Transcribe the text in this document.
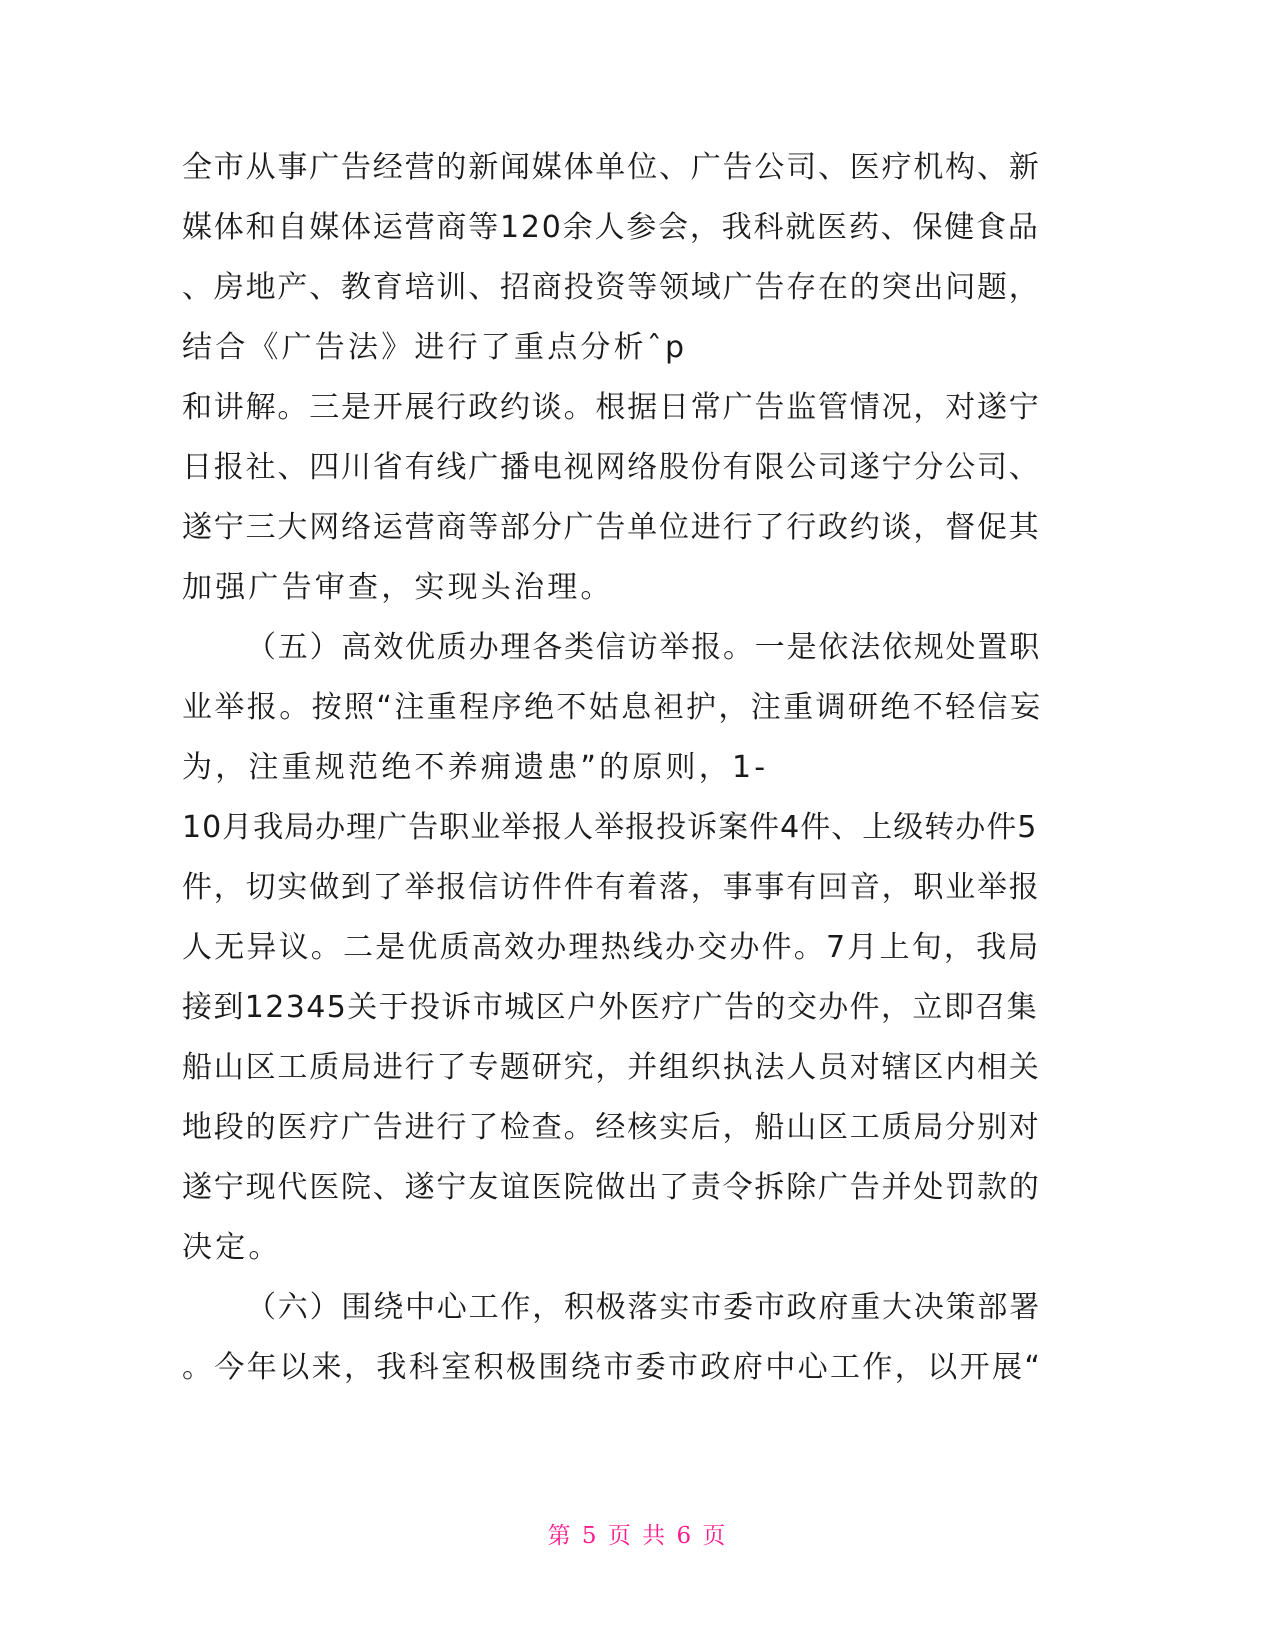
全市从事广告经营的新闻媒体单位、广告公司、医疗机构、新
媒体和自媒体运营商等120余人参会，我科就医药、保健食品
、房地产、教育培训、招商投资等领域广告存在的突出问题，
结合《广告法》进行了重点分析ˆp
和讲解。三是开展行政约谈。根据日常广告监管情况，对遂宁
日报社、四川省有线广播电视网络股份有限公司遂宁分公司、
遂宁三大网络运营商等部分广告单位进行了行政约谈，督促其
加强广告审查，实现头治理。
（五）高效优质办理各类信访举报。一是依法依规处置职
业举报。按照“注重程序绝不姑息袒护，注重调研绝不轻信妄
为，注重规范绝不养痈遗患”的原则，1-
10月我局办理广告职业举报人举报投诉案件4件、上级转办件5
件，切实做到了举报信访件件有着落，事事有回音，职业举报
人无异议。二是优质高效办理热线办交办件。7月上旬，我局
接到12345关于投诉市城区户外医疗广告的交办件，立即召集
船山区工质局进行了专题研究，并组织执法人员对辖区内相关
地段的医疗广告进行了检查。经核实后，船山区工质局分别对
遂宁现代医院、遂宁友谊医院做出了责令拆除广告并处罚款的
决定。
（六）围绕中心工作，积极落实市委市政府重大决策部署
。今年以来，我科室积极围绕市委市政府中心工作，以开展“
第 5 页 共 6 页
